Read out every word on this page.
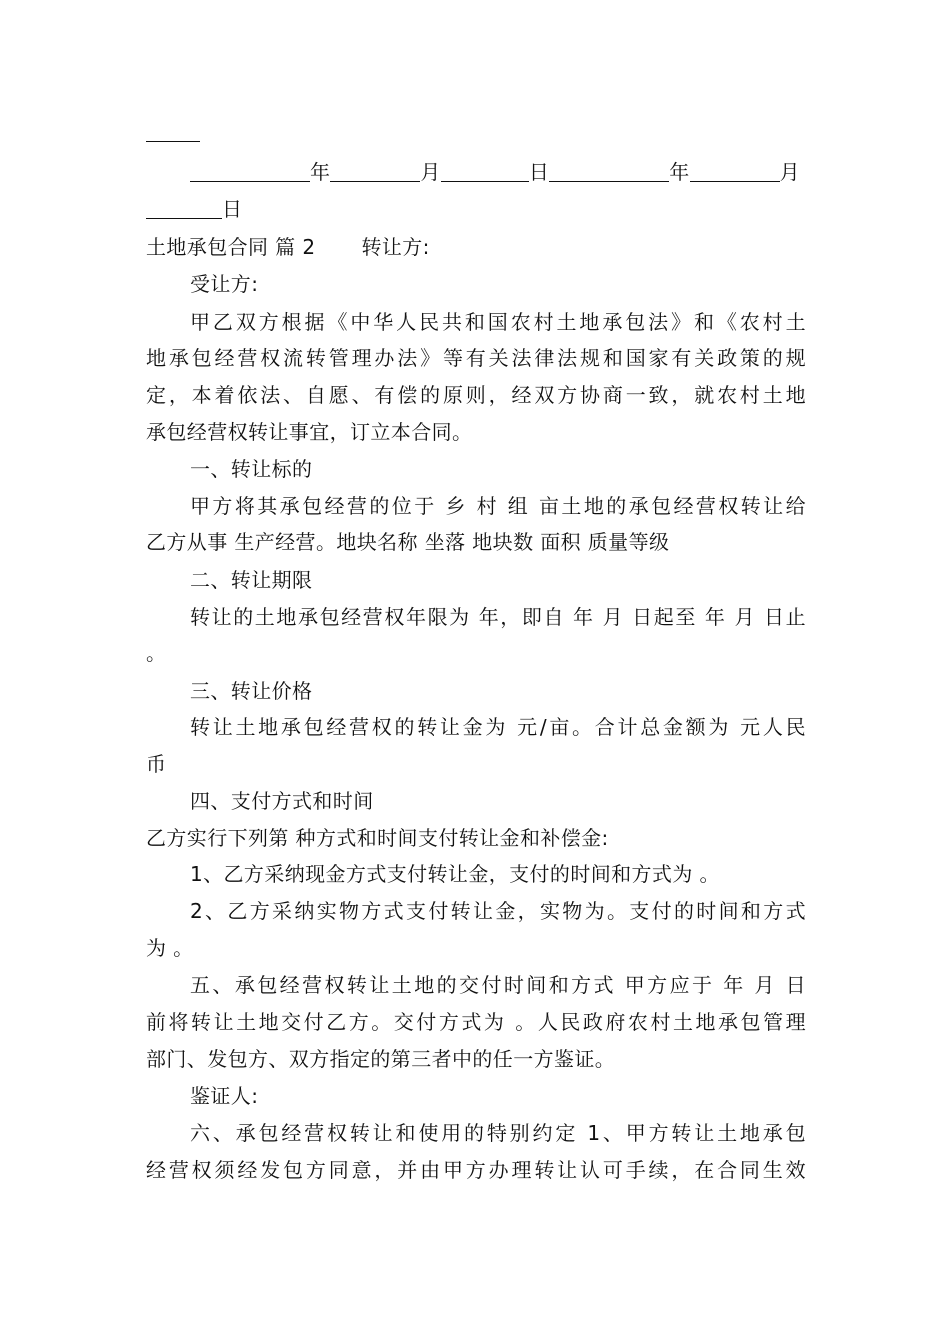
年	月	日	年	月
日
土地承包合同 篇 2 转让方:
受让方:
甲乙双方根据《中华人民共和国农村土地承包法》和《农村土
地承包经营权流转管理办法》等有关法律法规和国家有关政策的规
定，本着依法、自愿、有偿的原则，经双方协商一致，就农村土地
承包经营权转让事宜，订立本合同。
一、转让标的
甲方将其承包经营的位于 乡 村 组 亩土地的承包经营权转让给
乙方从事 生产经营。地块名称 坐落 地块数 面积 质量等级
二、转让期限
转让的土地承包经营权年限为 年，即自 年 月 日起至 年 月 日止
。
三、转让价格
转让土地承包经营权的转让金为 元/亩。合计总金额为 元人民
币
四、支付方式和时间
乙方实行下列第 种方式和时间支付转让金和补偿金:
1、乙方采纳现金方式支付转让金，支付的时间和方式为 。
2、乙方采纳实物方式支付转让金，实物为。支付的时间和方式
为 。
五、承包经营权转让土地的交付时间和方式 甲方应于 年 月 日
前将转让土地交付乙方。交付方式为 。人民政府农村土地承包管理
部门、发包方、双方指定的第三者中的任一方鉴证。
鉴证人:
六、承包经营权转让和使用的特别约定 1、甲方转让土地承包
经营权须经发包方同意，并由甲方办理转让认可手续，在合同生效
